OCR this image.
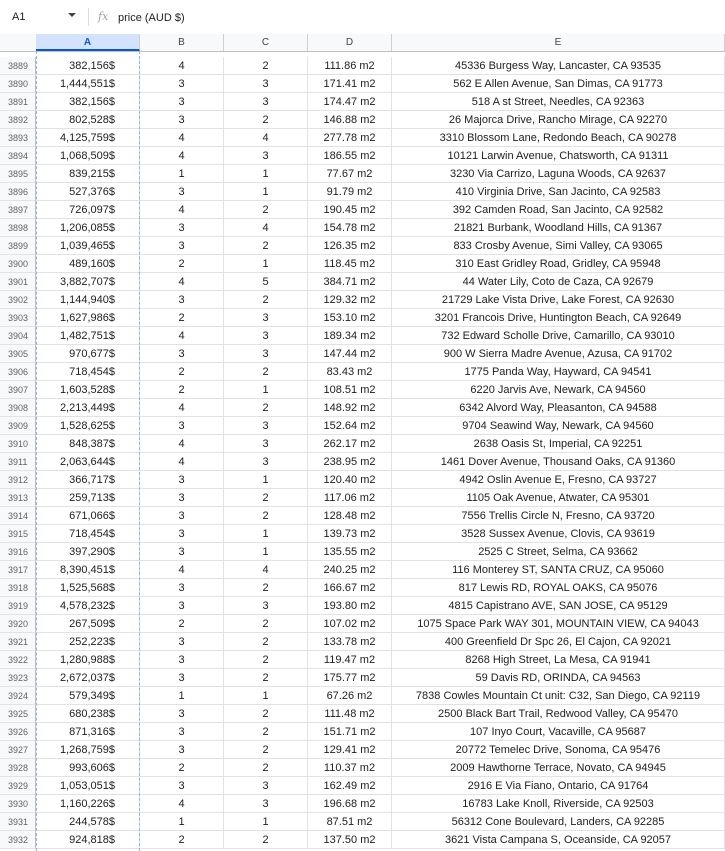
A1	fx price (AUD $)
A	B	C	D	E
3932	924,818$	2	2	137.50 m2	3621 Vista Campana S, Oceanside, CA 92057
3931	244,578$	1	1	87.51 m2	56312 Cone Boulevard, Landers, CA 92285
3930	1,160,226$	4	3	196.68 m2	16783 Lake Knoll, Riverside, CA 92503
3929	1,053,051$	3	3	162.49 m2	2916 E Via Fiano, Ontario, CA 91764
3928	993,606$	2	2	110.37 m2	2009 Hawthorne Terrace, Novato, CA 94945
3927	1,268,759$	3	2	129.41 m2	20772 Temelec Drive, Sonoma, CA 95476
3926	871,316$	3	2	151.71 m2	107 Inyo Court, Vacaville, CA 95687
3925	680,238$	3	2	111.48 m2	2500 Black Bart Trail, Redwood Valley, CA 95470
3924	579,349$	1	1	67.26 m2	7838 Cowles Mountain Ct unit: C32, San Diego, CA 92119
3923	2,672,037$	3	2	175.77 m2	59 Davis RD, ORINDA, CA 94563
3922	1,280,988$	3	2	119.47 m2	8268 High Street, La Mesa, CA 91941
3921	252,223$	3	2	133.78 m2	400 Greenfield Dr Spc 26, El Cajon, CA 92021
3920	267,509$	2	2	107.02 m2	1075 Space Park WAY 301, MOUNTAIN VIEW, CA 94043
3919	4,578,232$	3	3	193.80 m2	4815 Capistrano AVE, SAN JOSE, CA 95129
3918	1,525,568$	3	2	166.67 m2	817 Lewis RD, ROYAL OAKS, CA 95076
3917	8,390,451$	4	4	240.25 m2	116 Monterey ST, SANTA CRUZ, CA 95060
3916	397,290$	3	1	135.55 m2	2525 C Street, Selma, CA 93662
3915	718,454$	3	1	139.73 m2	3528 Sussex Avenue, Clovis, CA 93619
3914	671,066$	3	2	128.48 m2	7556 Trellis Circle N, Fresno, CA 93720
3913	259,713$	3	2	117.06 m2	1105 Oak Avenue, Atwater, CA 95301
3912	366,717$	3	1	120.40 m2	4942 Oslin Avenue E, Fresno, CA 93727
3911	2,063,644$	4	3	238.95 m2	1461 Dover Avenue, Thousand Oaks, CA 91360
3910	848,387$	4	3	262.17 m2	2638 Oasis St, Imperial, CA 92251
3909	1,528,625$	3	3	152.64 m2	9704 Seawind Way, Newark, CA 94560
3908	2,213,449$	4	2	148.92 m2	6342 Alvord Way, Pleasanton, CA 94588
3907	1,603,528$	2	1	108.51 m2	6220 Jarvis Ave, Newark, CA 94560
3906	718,454$	2	2	83.43 m2	1775 Panda Way, Hayward, CA 94541
3905	970,677$	3	3	147.44 m2	900 W Sierra Madre Avenue, Azusa, CA 91702
3904	1,482,751$	4	3	189.34 m2	732 Edward Scholle Drive, Camarillo, CA 93010
3903	1,627,986$	2	3	153.10 m2	3201 Francois Drive, Huntington Beach, CA 92649
3902	1,144,940$	3	2	129.32 m2	21729 Lake Vista Drive, Lake Forest, CA 92630
3901	3,882,707$	4	5	384.71 m2	44 Water Lily, Coto de Caza, CA 92679
3900	489,160$	2	1	118.45 m2	310 East Gridley Road, Gridley, CA 95948
3899	1,039,465$	3	2	126.35 m2	833 Crosby Avenue, Simi Valley, CA 93065
3898	1,206,085$	3	4	154.78 m2	21821 Burbank, Woodland Hills, CA 91367
3897	726,097$	4	2	190.45 m2	392 Camden Road, San Jacinto, CA 92582
3896	527,376$	3	1	91.79 m2	410 Virginia Drive, San Jacinto, CA 92583
3895	839,215$	1	1	77.67 m2	3230 Via Carrizo, Laguna Woods, CA 92637
3894	1,068,509$	4	3	186.55 m2	10121 Larwin Avenue, Chatsworth, CA 91311
3893	4,125,759$	4	4	277.78 m2	3310 Blossom Lane, Redondo Beach, CA 90278
3892	802,528$	3	2	146.88 m2	26 Majorca Drive, Rancho Mirage, CA 92270
3891	382,156$	3	3	174.47 m2	518 A st Street, Needles, CA 92363
3890	1,444,551$	3	3	171.41 m2	562 E Allen Avenue, San Dimas, CA 91773
3889	382,156$	4	2	111.86 m2	45336 Burgess Way, Lancaster, CA 93535
